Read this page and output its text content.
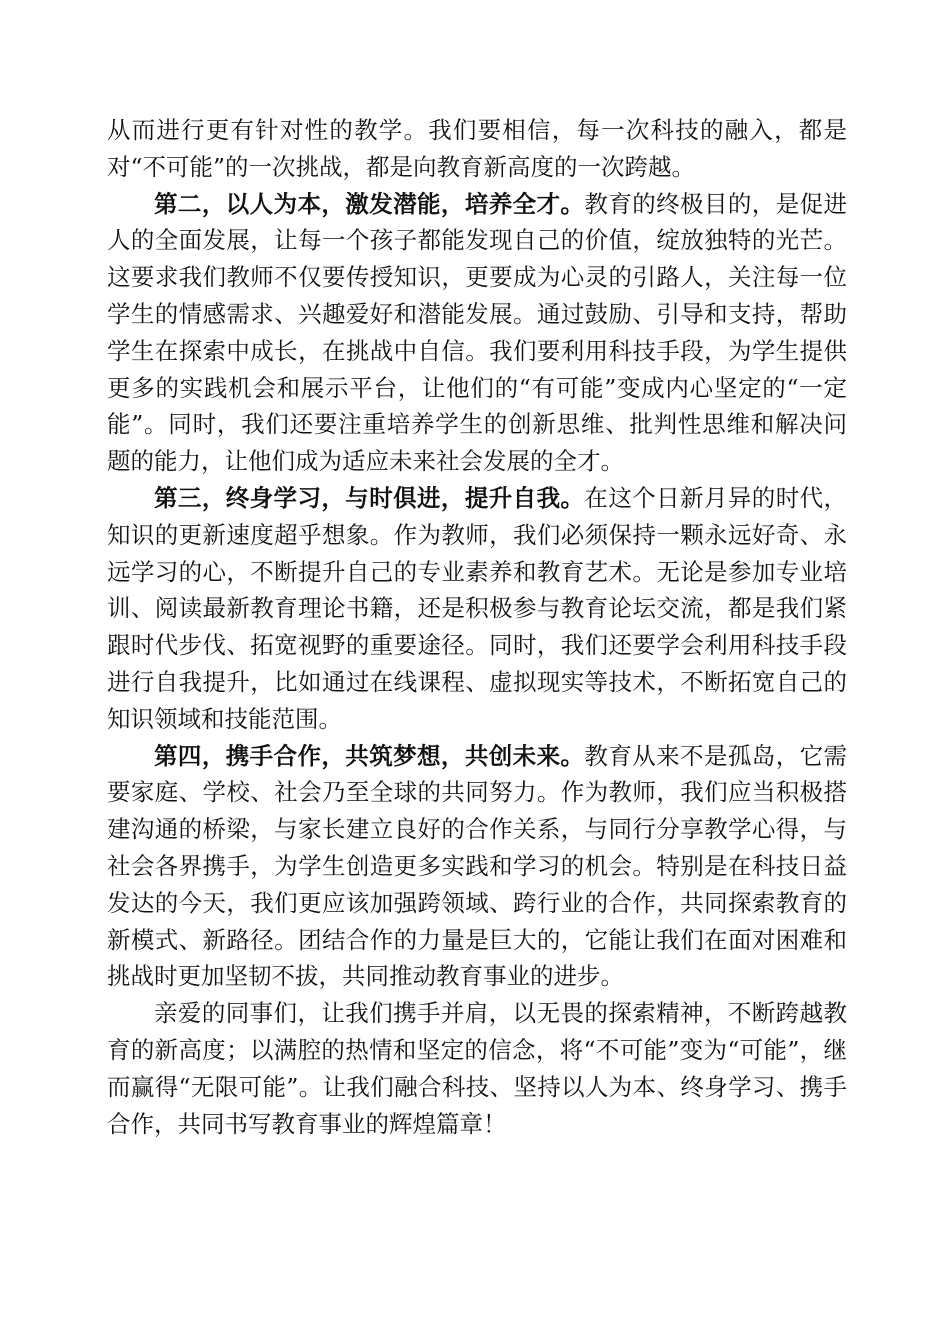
从而进行更有针对性的教学。我们要相信，每一次科技的融入，都是对“不可能”的一次挑战，都是向教育新高度的一次跨越。

第二，以人为本，激发潜能，培养全才。教育的终极目的，是促进人的全面发展，让每一个孩子都能发现自己的价值，绽放独特的光芒。这要求我们教师不仅要传授知识，更要成为心灵的引路人，关注每一位学生的情感需求、兴趣爱好和潜能发展。通过鼓励、引导和支持，帮助学生在探索中成长，在挑战中自信。我们要利用科技手段，为学生提供更多的实践机会和展示平台，让他们的“有可能”变成内心坚定的“一定能”。同时，我们还要注重培养学生的创新思维、批判性思维和解决问题的能力，让他们成为适应未来社会发展的全才。

第三，终身学习，与时俱进，提升自我。在这个日新月异的时代，知识的更新速度超乎想象。作为教师，我们必须保持一颗永远好奇、永远学习的心，不断提升自己的专业素养和教育艺术。无论是参加专业培训、阅读最新教育理论书籍，还是积极参与教育论坛交流，都是我们紧跟时代步伐、拓宽视野的重要途径。同时，我们还要学会利用科技手段进行自我提升，比如通过在线课程、虚拟现实等技术，不断拓宽自己的知识领域和技能范围。

第四，携手合作，共筑梦想，共创未来。教育从来不是孤岛，它需要家庭、学校、社会乃至全球的共同努力。作为教师，我们应当积极搭建沟通的桥梁，与家长建立良好的合作关系，与同行分享教学心得，与社会各界携手，为学生创造更多实践和学习的机会。特别是在科技日益发达的今天，我们更应该加强跨领域、跨行业的合作，共同探索教育的新模式、新路径。团结合作的力量是巨大的，它能让我们在面对困难和挑战时更加坚韧不拔，共同推动教育事业的进步。

亲爱的同事们，让我们携手并肩，以无畏的探索精神，不断跨越教育的新高度；以满腔的热情和坚定的信念，将“不可能”变为“可能”，继而赢得“无限可能”。让我们融合科技、坚持以人为本、终身学习、携手合作，共同书写教育事业的辉煌篇章！
